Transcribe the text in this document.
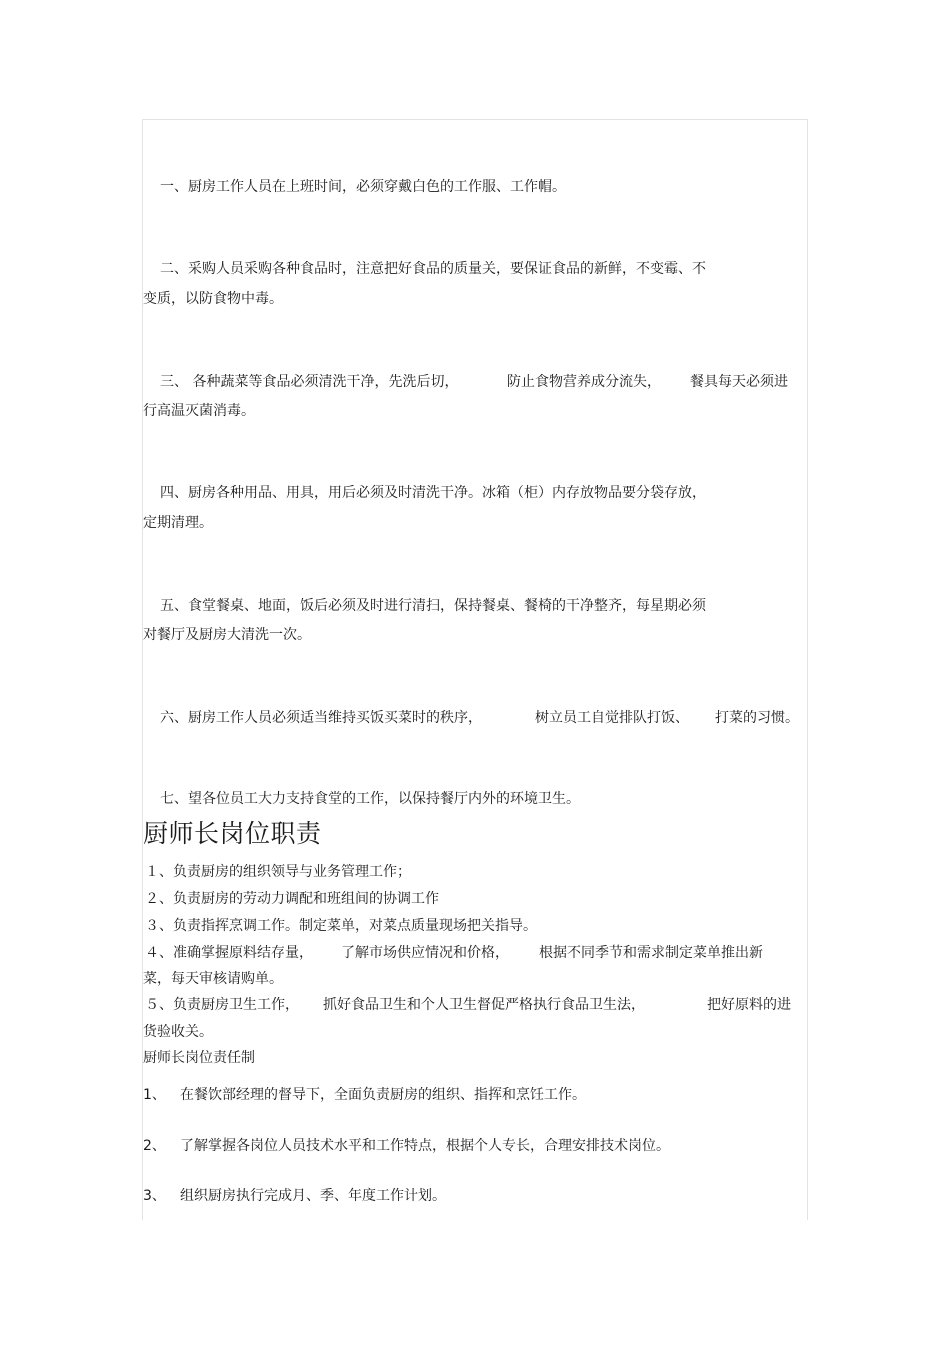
一、厨房工作人员在上班时间，必须穿戴白色的工作服、工作帽。
二、采购人员采购各种食品时，注意把好食品的质量关，要保证食品的新鲜，不变霉、不
变质，以防食物中毒。
三、 各种蔬菜等食品必须清洗干净，先洗后切，	防止食物营养成分流失， 餐具每天必须进
行高温灭菌消毒。
四、厨房各种用品、用具，用后必须及时清洗干净。冰箱（柜）内存放物品要分袋存放，
定期清理。
五、食堂餐桌、地面，饭后必须及时进行清扫，保持餐桌、餐椅的干净整齐，每星期必须
对餐厅及厨房大清洗一次。
六、厨房工作人员必须适当维持买饭买菜时的秩序，	树立员工自觉排队打饭、 打菜的习惯。
七、望各位员工大力支持食堂的工作，以保持餐厅内外的环境卫生。
厨师长岗位职责
１、负责厨房的组织领导与业务管理工作；
２、负责厨房的劳动力调配和班组间的协调工作
３、负责指挥烹调工作。制定菜单，对菜点质量现场把关指导。
４、准确掌握原料结存量， 了解市场供应情况和价格， 根据不同季节和需求制定菜单推出新
菜，每天审核请购单。
５、负责厨房卫生工作， 抓好食品卫生和个人卫生督促严格执行食品卫生法，	把好原料的进
货验收关。
厨师长岗位责任制
1、 在餐饮部经理的督导下，全面负责厨房的组织、指挥和烹饪工作。
2、 了解掌握各岗位人员技术水平和工作特点，根据个人专长，合理安排技术岗位。
3、 组织厨房执行完成月、季、年度工作计划。
